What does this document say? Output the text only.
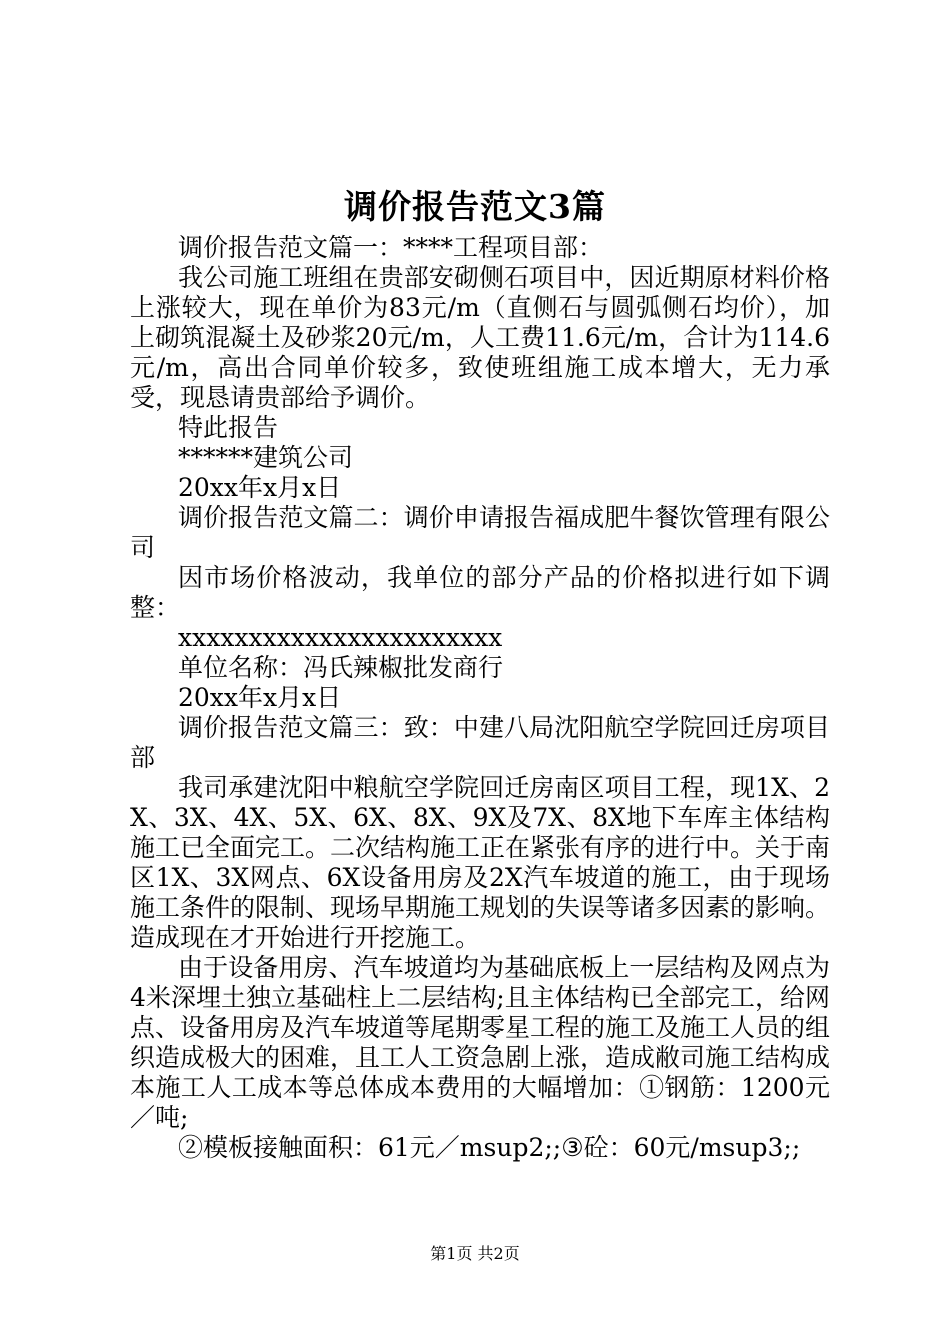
调价报告范文3篇

调价报告范文篇一：****工程项目部：

我公司施工班组在贵部安砌侧石项目中，因近期原材料价格上涨较大，现在单价为83元/m（直侧石与圆弧侧石均价），加上砌筑混凝土及砂浆20元/m，人工费11.6元/m，合计为114.6元/m，高出合同单价较多，致使班组施工成本增大，无力承受，现恳请贵部给予调价。

特此报告

******建筑公司

20xx年x月x日

调价报告范文篇二：调价申请报告福成肥牛餐饮管理有限公司

因市场价格波动，我单位的部分产品的价格拟进行如下调整：

xxxxxxxxxxxxxxxxxxxxxxx

单位名称：冯氏辣椒批发商行

20xx年x月x日

调价报告范文篇三：致：中建八局沈阳航空学院回迁房项目部

我司承建沈阳中粮航空学院回迁房南区项目工程，现1X、2X、3X、4X、5X、6X、8X、9X及7X、8X地下车库主体结构施工已全面完工。二次结构施工正在紧张有序的进行中。关于南区1X、3X网点、6X设备用房及2X汽车坡道的施工，由于现场施工条件的限制、现场早期施工规划的失误等诸多因素的影响。造成现在才开始进行开挖施工。

由于设备用房、汽车坡道均为基础底板上一层结构及网点为4米深埋土独立基础柱上二层结构;且主体结构已全部完工，给网点、设备用房及汽车坡道等尾期零星工程的施工及施工人员的组织造成极大的困难，且工人工资急剧上涨，造成敝司施工结构成本施工人工成本等总体成本费用的大幅增加：①钢筋：1200元／吨;

②模板接触面积：61元／msup2;;③砼：60元/msup3;;

第1页 共2页
